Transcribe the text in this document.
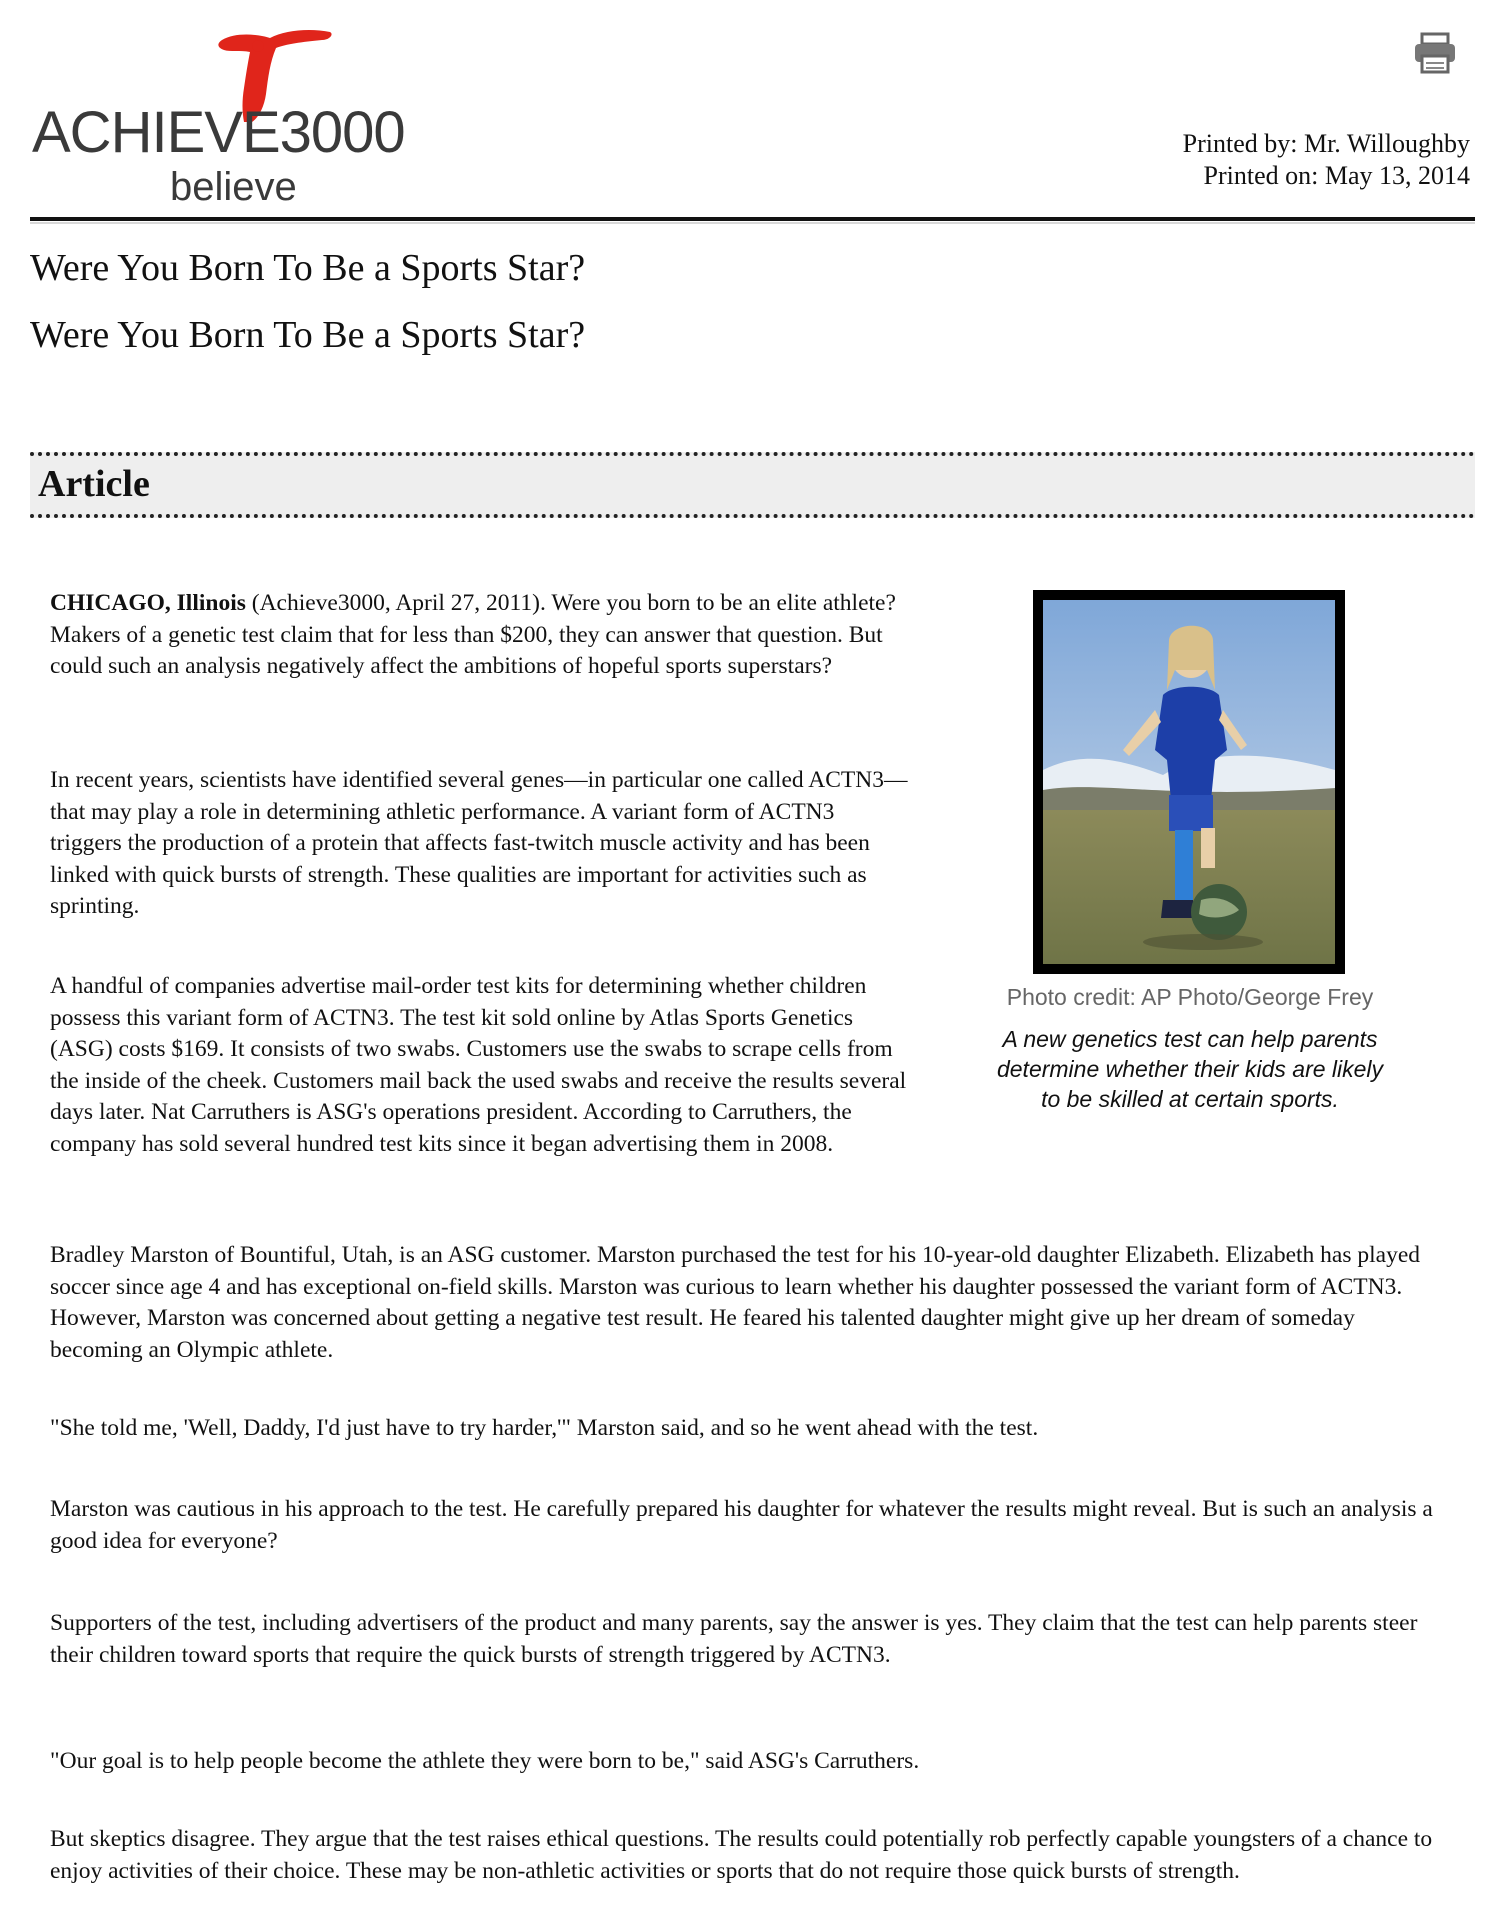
ACHIEVE3000
believe
Printed by: Mr. Willoughby
Printed on: May 13, 2014
Were You Born To Be a Sports Star?
Were You Born To Be a Sports Star?
Article

CHICAGO, Illinois (Achieve3000, April 27, 2011). Were you born to be an elite athlete? Makers of a genetic test claim that for less than $200, they can answer that question. But could such an analysis negatively affect the ambitions of hopeful sports superstars?

In recent years, scientists have identified several genes—in particular one called ACTN3—that may play a role in determining athletic performance. A variant form of ACTN3 triggers the production of a protein that affects fast-twitch muscle activity and has been linked with quick bursts of strength. These qualities are important for activities such as sprinting.

A handful of companies advertise mail-order test kits for determining whether children possess this variant form of ACTN3. The test kit sold online by Atlas Sports Genetics (ASG) costs $169. It consists of two swabs. Customers use the swabs to scrape cells from the inside of the cheek. Customers mail back the used swabs and receive the results several days later. Nat Carruthers is ASG's operations president. According to Carruthers, the company has sold several hundred test kits since it began advertising them in 2008.

Bradley Marston of Bountiful, Utah, is an ASG customer. Marston purchased the test for his 10-year-old daughter Elizabeth. Elizabeth has played soccer since age 4 and has exceptional on-field skills. Marston was curious to learn whether his daughter possessed the variant form of ACTN3. However, Marston was concerned about getting a negative test result. He feared his talented daughter might give up her dream of someday becoming an Olympic athlete.

"She told me, 'Well, Daddy, I'd just have to try harder,'" Marston said, and so he went ahead with the test.

Marston was cautious in his approach to the test. He carefully prepared his daughter for whatever the results might reveal. But is such an analysis a good idea for everyone?

Supporters of the test, including advertisers of the product and many parents, say the answer is yes. They claim that the test can help parents steer their children toward sports that require the quick bursts of strength triggered by ACTN3.

"Our goal is to help people become the athlete they were born to be," said ASG's Carruthers.

But skeptics disagree. They argue that the test raises ethical questions. The results could potentially rob perfectly capable youngsters of a chance to enjoy activities of their choice. These may be non-athletic activities or sports that do not require those quick bursts of strength.

Photo credit: AP Photo/George Frey
A new genetics test can help parents determine whether their kids are likely to be skilled at certain sports.
